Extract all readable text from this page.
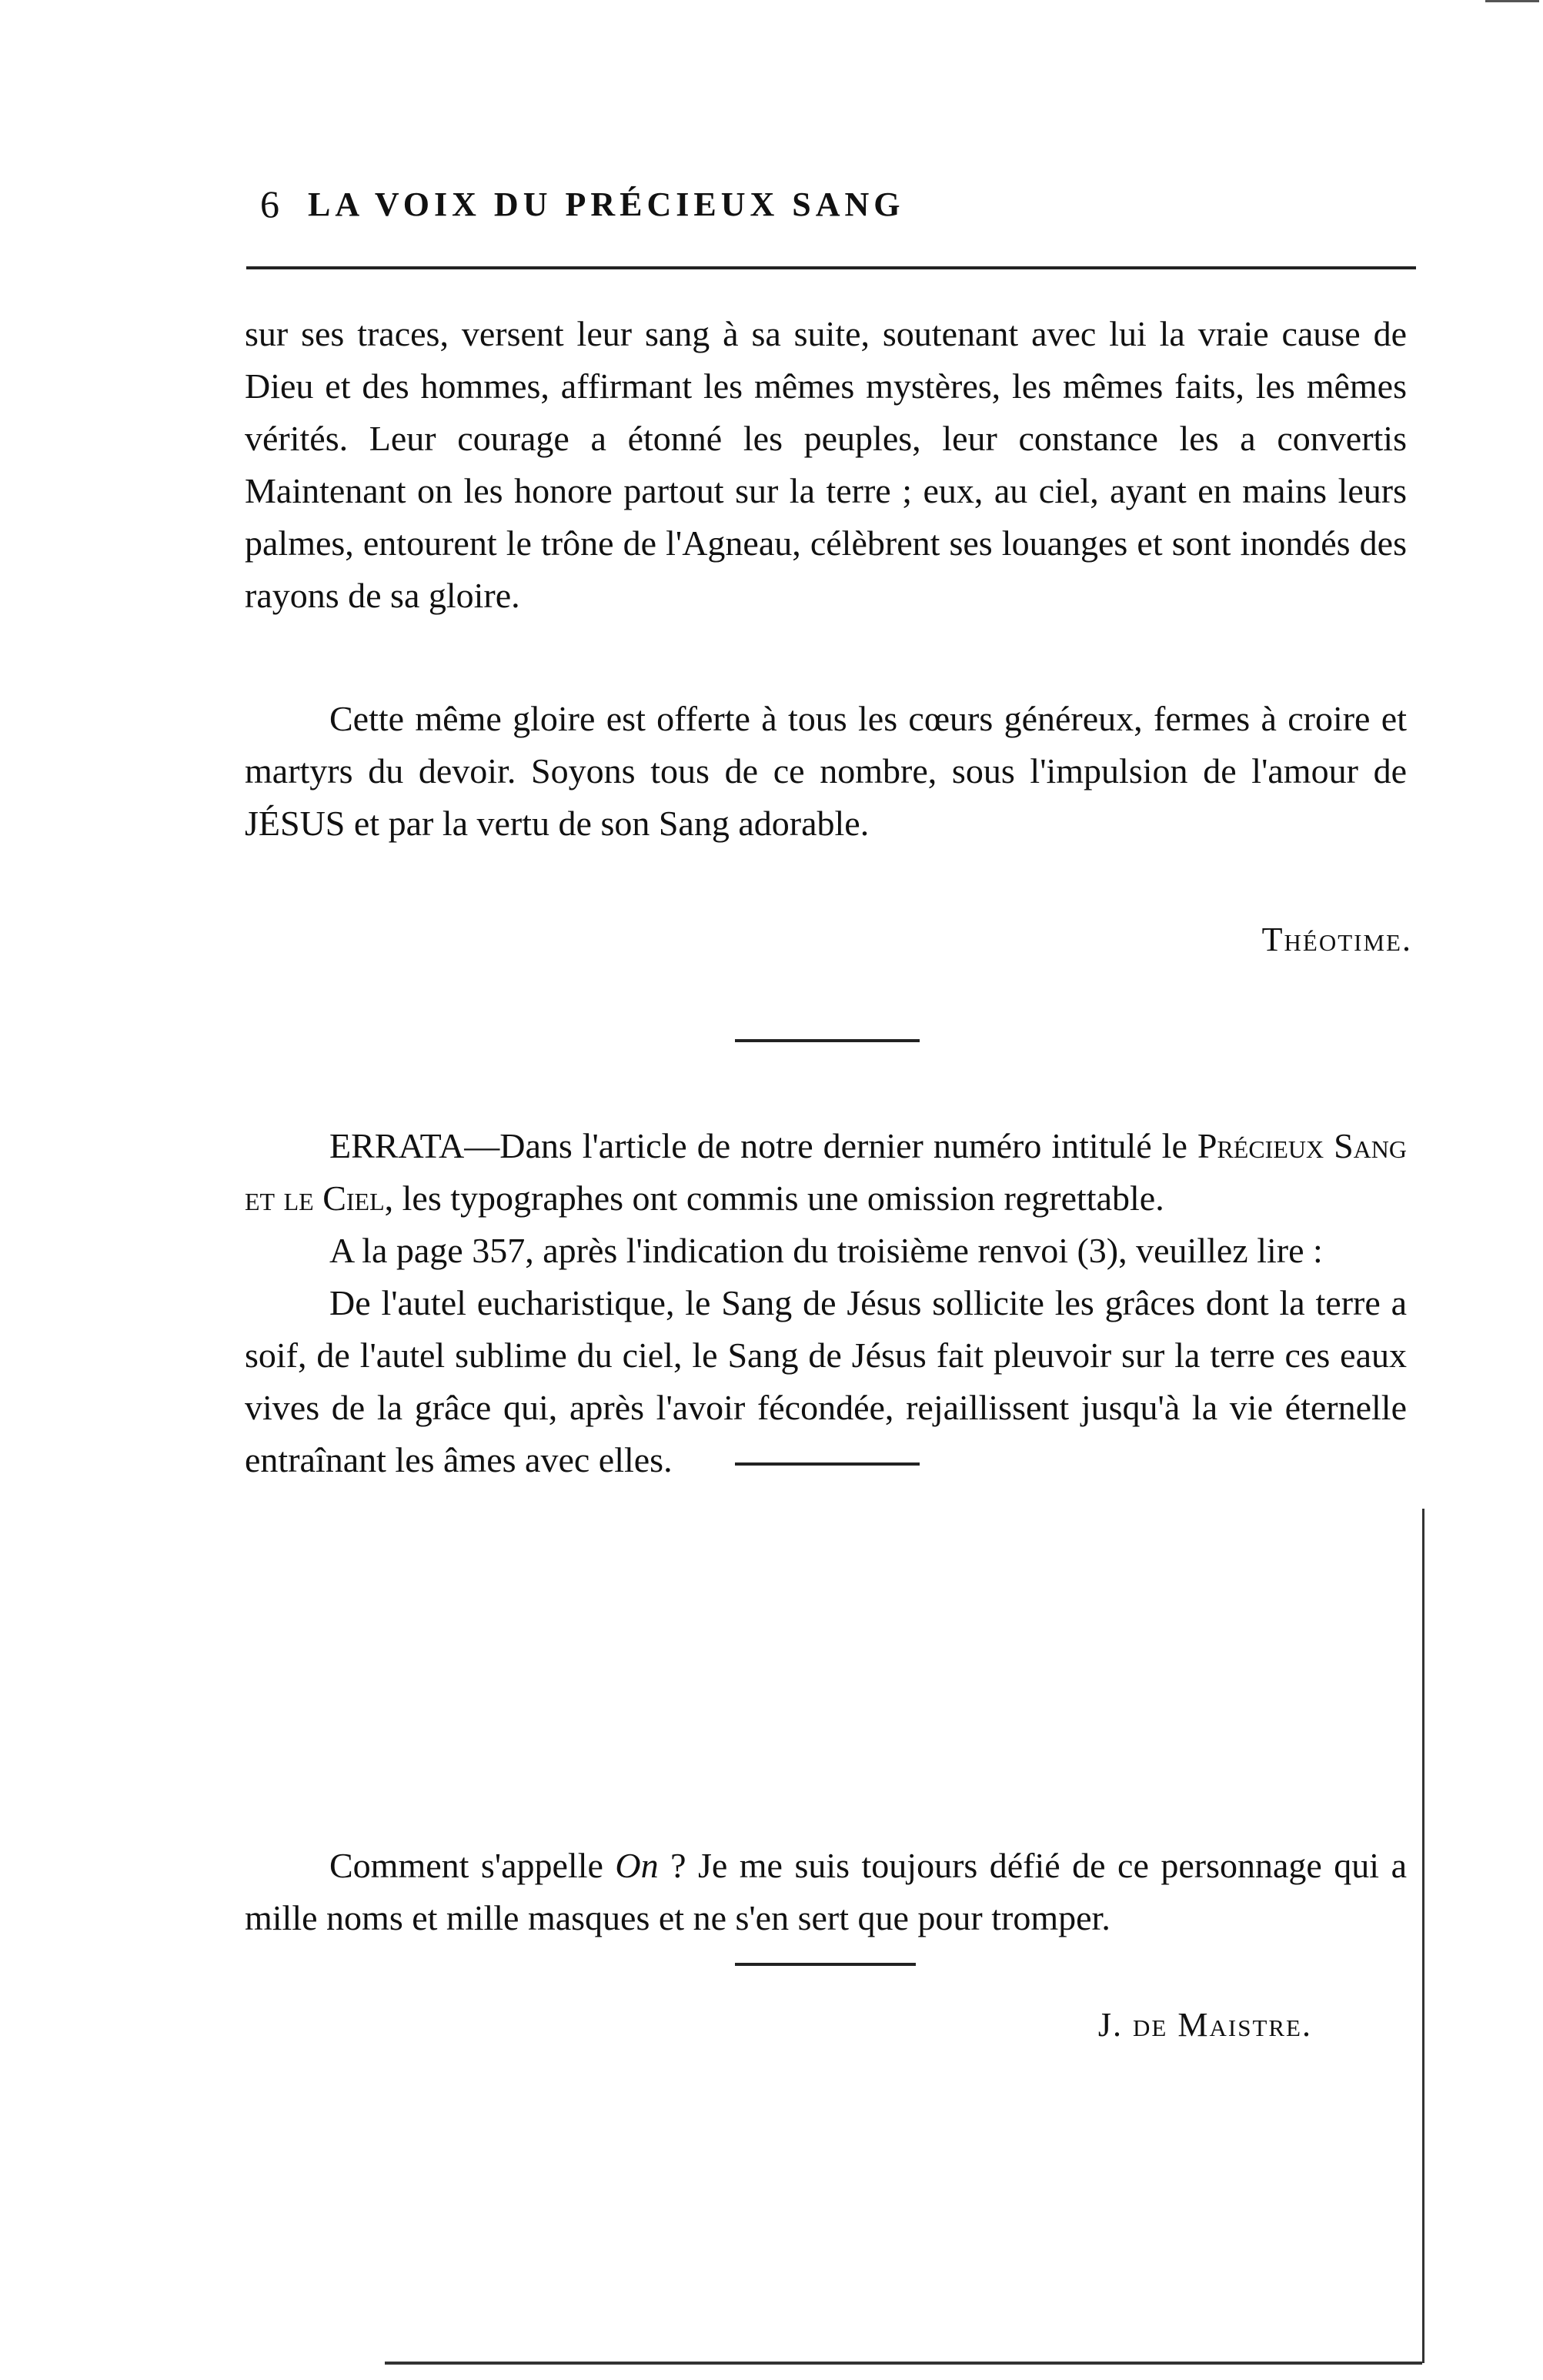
6 LA VOIX DU PRÉCIEUX SANG

sur ses traces, versent leur sang à sa suite, soutenant avec lui la vraie cause de Dieu et des hommes, affirmant les mêmes mystères, les mêmes faits, les mêmes vérités. Leur courage a étonné les peuples, leur constance les a convertis Maintenant on les honore partout sur la terre ; eux, au ciel, ayant en mains leurs palmes, entourent le trône de l'Agneau, célèbrent ses louanges et sont inondés des rayons de sa gloire.

Cette même gloire est offerte à tous les cœurs généreux, fermes à croire et martyrs du devoir. Soyons tous de ce nombre, sous l'impulsion de l'amour de JÉSUS et par la vertu de son Sang adorable.

Théotime.

ERRATA—Dans l'article de notre dernier numéro intitulé le Précieux Sang et le Ciel, les typographes ont commis une omission regrettable.

A la page 357, après l'indication du troisième renvoi (3), veuillez lire :

De l'autel eucharistique, le Sang de Jésus sollicite les grâces dont la terre a soif, de l'autel sublime du ciel, le Sang de Jésus fait pleuvoir sur la terre ces eaux vives de la grâce qui, après l'avoir fécondée, rejaillissent jusqu'à la vie éternelle entraînant les âmes avec elles.

Comment s'appelle On ? Je me suis toujours défié de ce personnage qui a mille noms et mille masques et ne s'en sert que pour tromper.

J. de Maistre.
